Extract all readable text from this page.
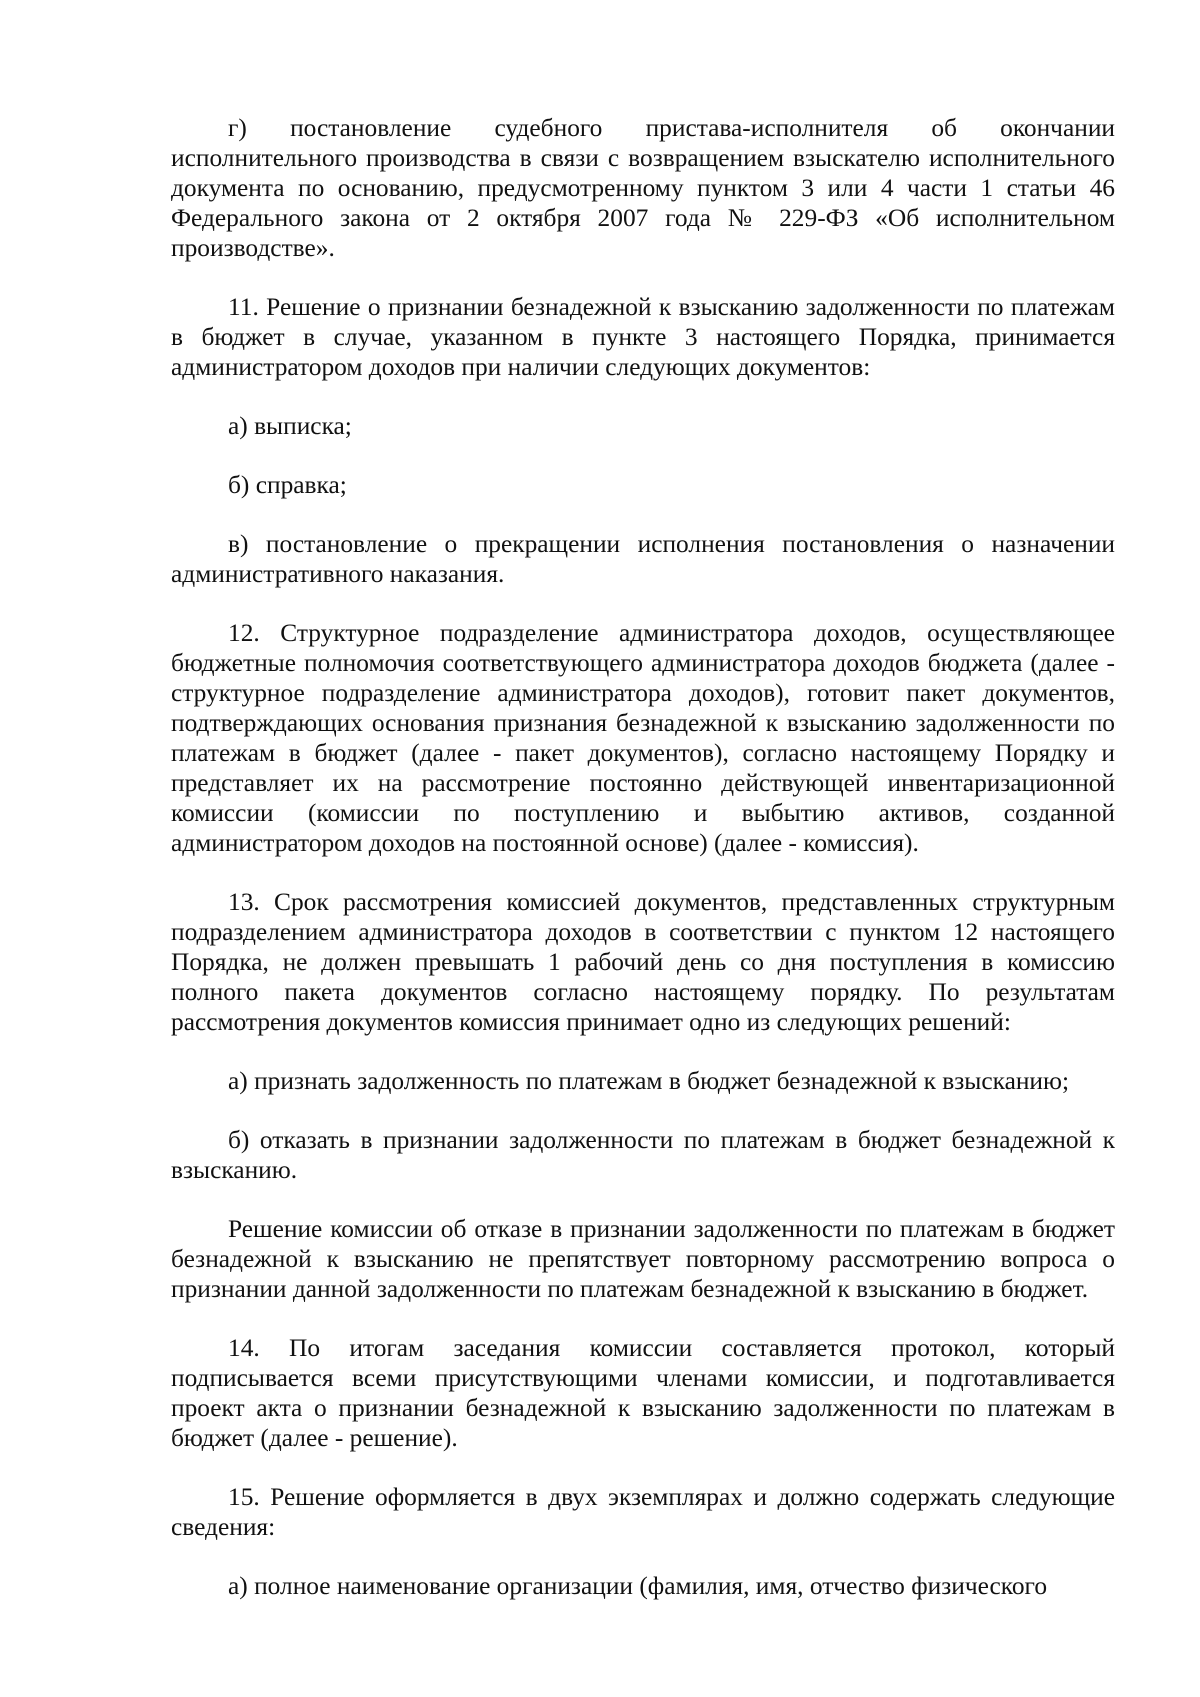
г) постановление судебного пристава-исполнителя об окончании исполнительного производства в связи с возвращением взыскателю исполнительного документа по основанию, предусмотренному пунктом 3 или 4 части 1 статьи 46 Федерального закона от 2 октября 2007 года № 229-ФЗ «Об исполнительном производстве».

11. Решение о признании безнадежной к взысканию задолженности по платежам в бюджет в случае, указанном в пункте 3 настоящего Порядка, принимается администратором доходов при наличии следующих документов:

а) выписка;

б) справка;

в) постановление о прекращении исполнения постановления о назначении административного наказания.

12. Структурное подразделение администратора доходов, осуществляющее бюджетные полномочия соответствующего администратора доходов бюджета (далее - структурное подразделение администратора доходов), готовит пакет документов, подтверждающих основания признания безнадежной к взысканию задолженности по платежам в бюджет (далее - пакет документов), согласно настоящему Порядку и представляет их на рассмотрение постоянно действующей инвентаризационной комиссии (комиссии по поступлению и выбытию активов, созданной администратором доходов на постоянной основе) (далее - комиссия).

13. Срок рассмотрения комиссией документов, представленных структурным подразделением администратора доходов в соответствии с пунктом 12 настоящего Порядка, не должен превышать 1 рабочий день со дня поступления в комиссию полного пакета документов согласно настоящему порядку. По результатам рассмотрения документов комиссия принимает одно из следующих решений:

а) признать задолженность по платежам в бюджет безнадежной к взысканию;

б) отказать в признании задолженности по платежам в бюджет безнадежной к взысканию.

Решение комиссии об отказе в признании задолженности по платежам в бюджет безнадежной к взысканию не препятствует повторному рассмотрению вопроса о признании данной задолженности по платежам безнадежной к взысканию в бюджет.

14. По итогам заседания комиссии составляется протокол, который подписывается всеми присутствующими членами комиссии, и подготавливается проект акта о признании безнадежной к взысканию задолженности по платежам в бюджет (далее - решение).

15. Решение оформляется в двух экземплярах и должно содержать следующие сведения:

а) полное наименование организации (фамилия, имя, отчество физического
